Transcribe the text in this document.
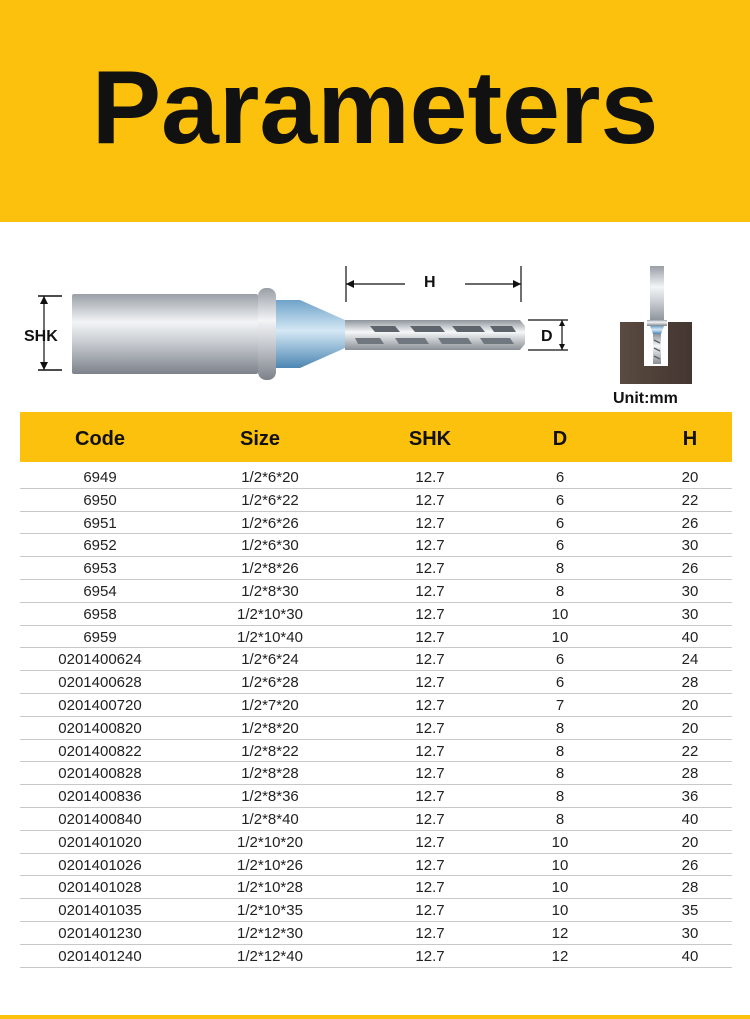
Parameters
H
SHK	D
Unit:mm
Code	Size	SHK	D	H
6949	1/2*6*20	12.7	6	20
6950	1/2*6*22	12.7	6	22
6951	1/2*6*26	12.7	6	26
6952	1/2*6*30	12.7	6	30
6953	1/2*8*26	12.7	8	26
6954	1/2*8*30	12.7	8	30
6958	1/2*10*30	12.7	10	30
6959	1/2*10*40	12.7	10	40
0201400624	1/2*6*24	12.7	6	24
0201400628	1/2*6*28	12.7	6	28
0201400720	1/2*7*20	12.7	7	20
0201400820	1/2*8*20	12.7	8	20
0201400822	1/2*8*22	12.7	8	22
0201400828	1/2*8*28	12.7	8	28
0201400836	1/2*8*36	12.7	8	36
0201400840	1/2*8*40	12.7	8	40
0201401020	1/2*10*20	12.7	10	20
0201401026	1/2*10*26	12.7	10	26
0201401028	1/2*10*28	12.7	10	28
0201401035	1/2*10*35	12.7	10	35
0201401230	1/2*12*30	12.7	12	30
0201401240	1/2*12*40	12.7	12	40
